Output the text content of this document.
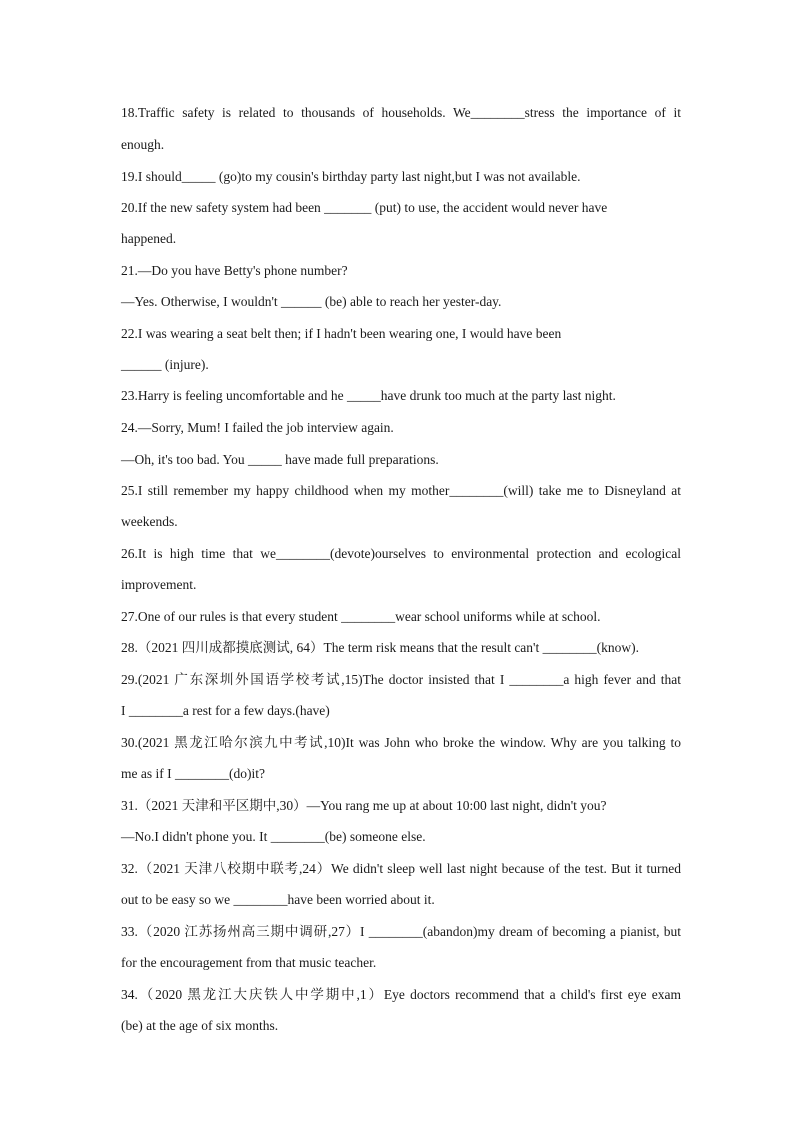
18.Traffic safety is related to thousands of households. We________stress the importance of it
enough.
19.I should_____ (go)to my cousin's birthday party last night,but I was not available.
20.If the new safety system had been _______ (put) to use, the accident would never have
happened.
21.—Do you have Betty's phone number?
—Yes. Otherwise, I wouldn't ______ (be) able to reach her yester-day.
22.I was wearing a seat belt then; if I hadn't been wearing one, I would have been
______ (injure).
23.Harry is feeling uncomfortable and he _____have drunk too much at the party last night.
24.—Sorry, Mum! I failed the job interview again.
—Oh, it's too bad. You _____ have made full preparations.
25.I still remember my happy childhood when my mother________(will) take me to Disneyland at
weekends.
26.It is high time that we________(devote)ourselves to environmental protection and ecological
improvement.
27.One of our rules is that every student ________wear school uniforms while at school.
28.（2021 四川成都摸底测试, 64）The term risk means that the result can't ________(know).
29.(2021 广东深圳外国语学校考试,15)The doctor insisted that I ________a high fever and that
I ________a rest for a few days.(have)
30.(2021 黑龙江哈尔滨九中考试,10)It was John who broke the window. Why are you talking to
me as if I ________(do)it?
31.（2021 天津和平区期中,30）—You rang me up at about 10:00 last night, didn't you?
—No.I didn't phone you. It ________(be) someone else.
32.（2021 天津八校期中联考,24）We didn't sleep well last night because of the test. But it turned
out to be easy so we ________have been worried about it.
33.（2020 江苏扬州高三期中调研,27）I ________(abandon)my dream of becoming a pianist, but
for the encouragement from that music teacher.
34.（2020 黑龙江大庆铁人中学期中,1）Eye doctors recommend that a child's first eye exam
(be) at the age of six months.
